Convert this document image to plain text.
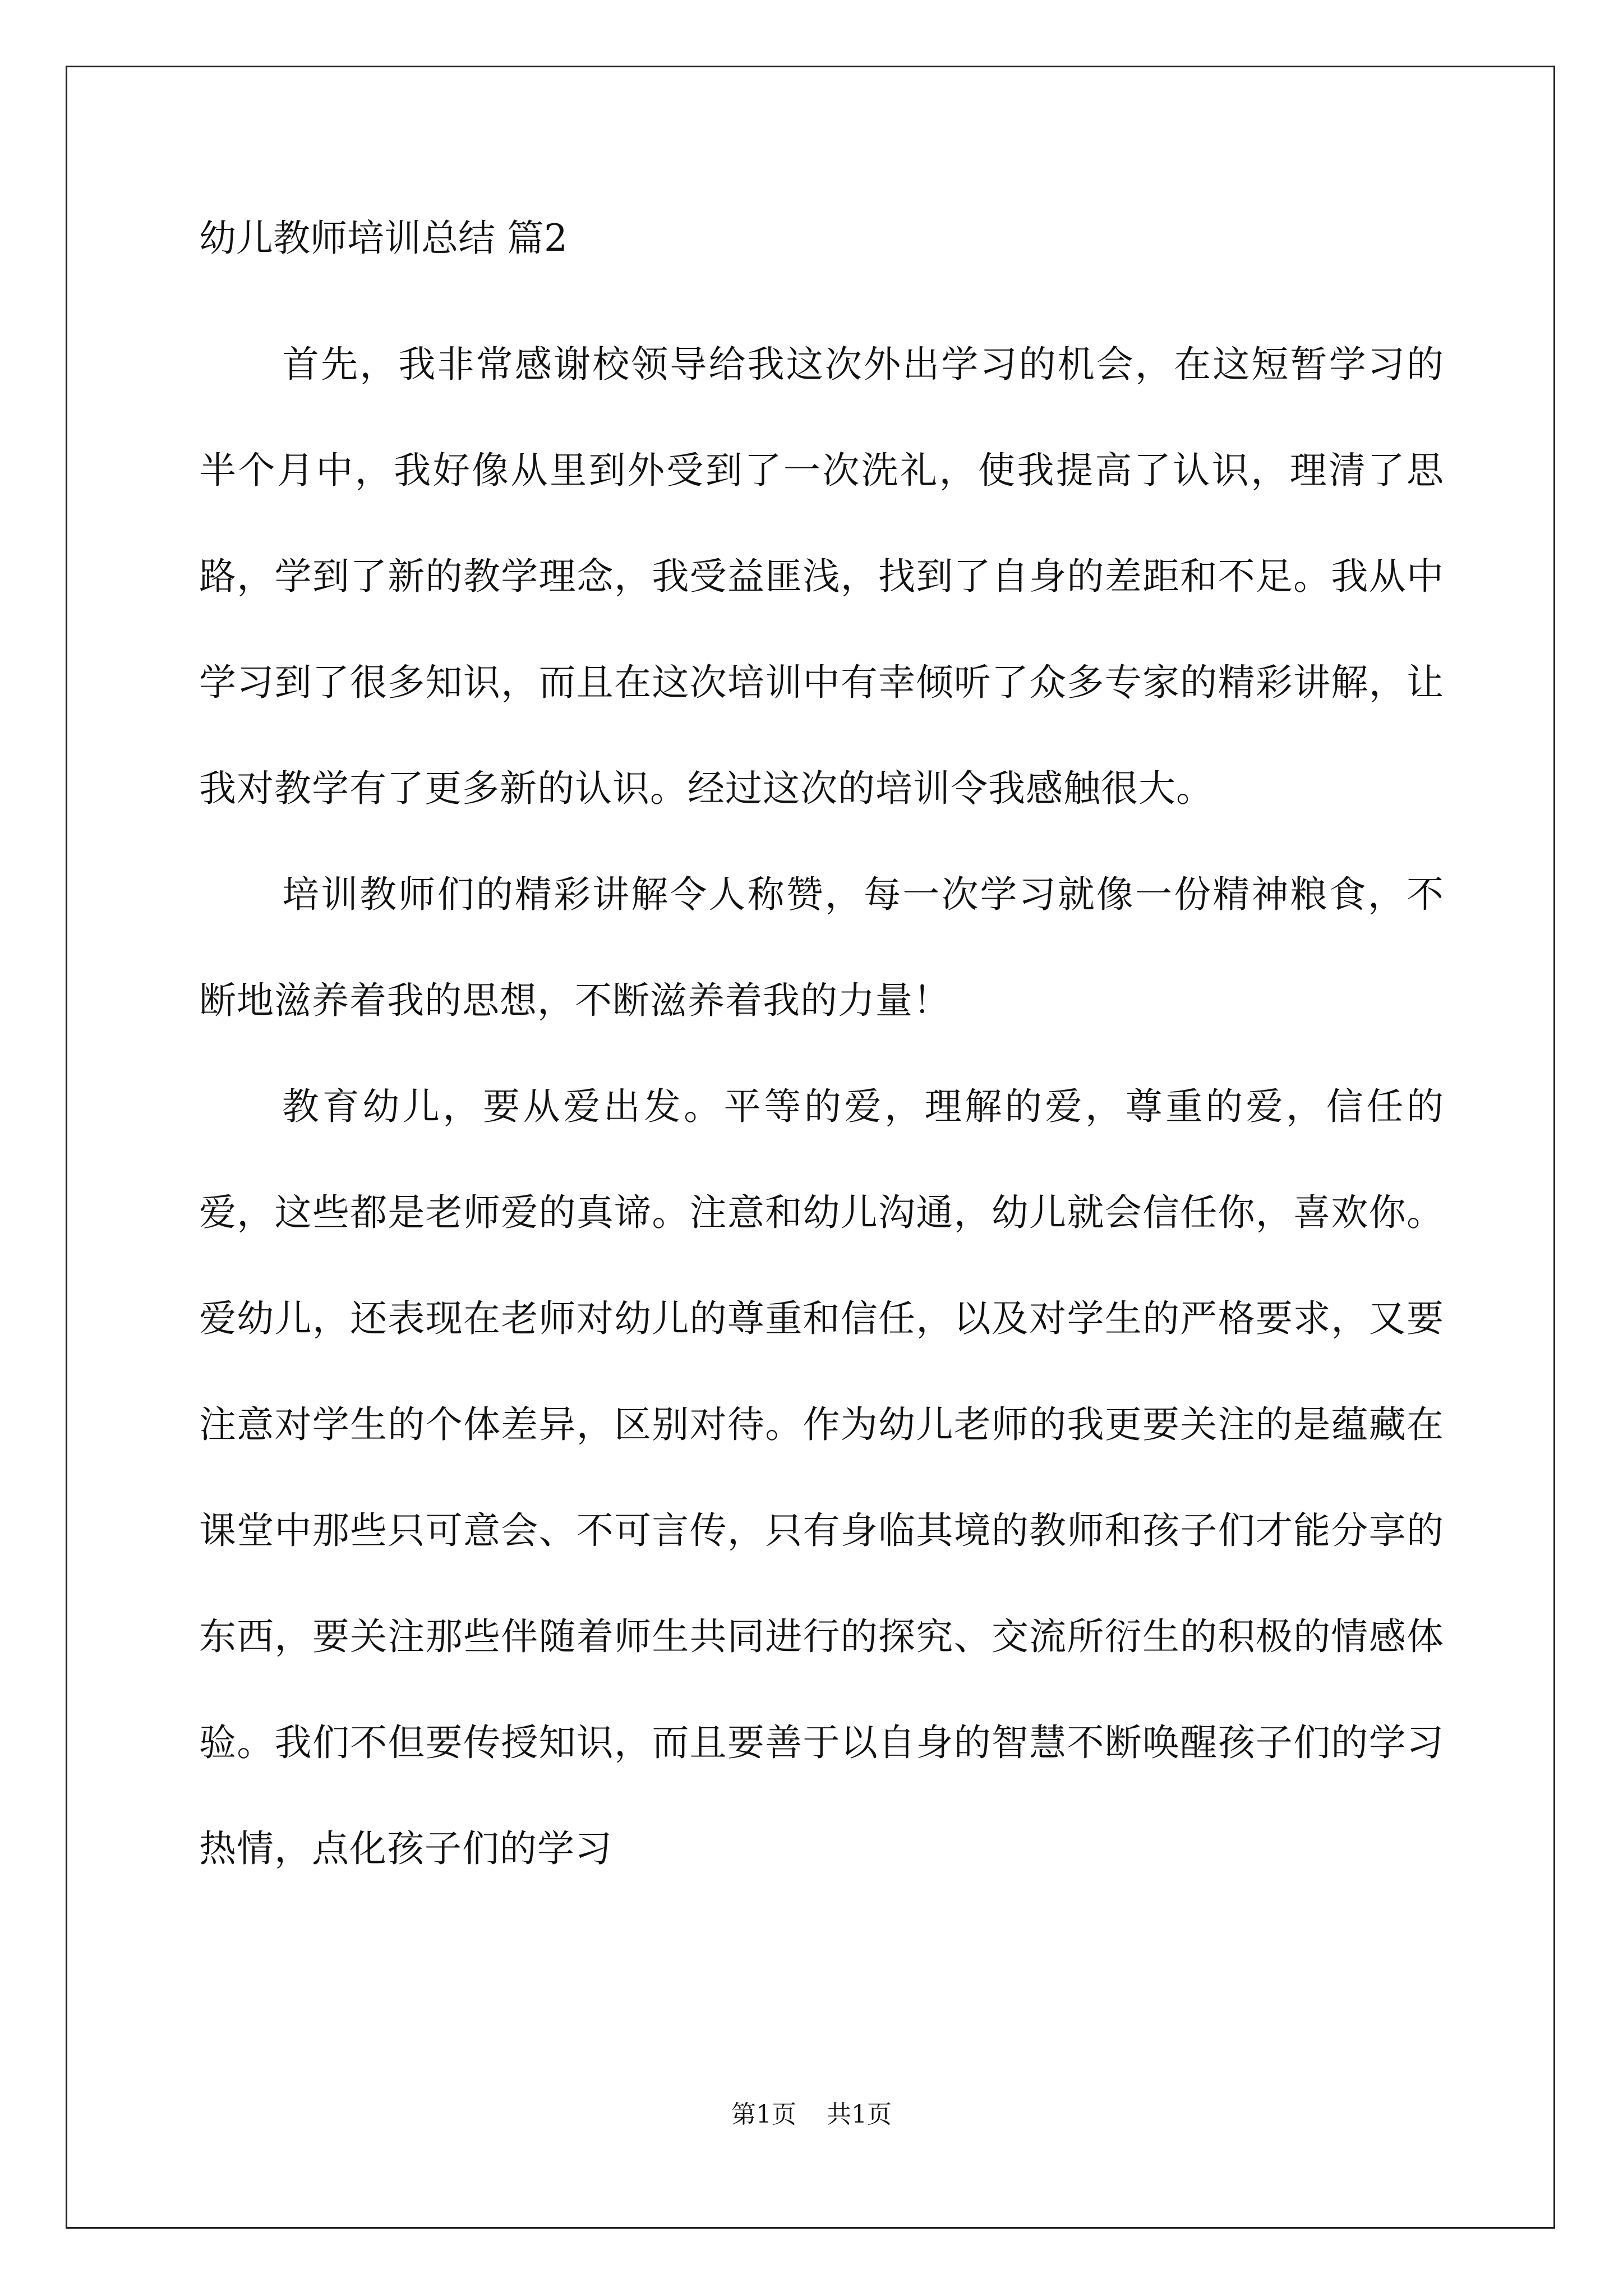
幼儿教师培训总结 篇2

首先，我非常感谢校领导给我这次外出学习的机会，在这短暂学习的半个月中，我好像从里到外受到了一次洗礼，使我提高了认识，理清了思路，学到了新的教学理念，我受益匪浅，找到了自身的差距和不足。我从中学习到了很多知识，而且在这次培训中有幸倾听了众多专家的精彩讲解，让我对教学有了更多新的认识。经过这次的培训令我感触很大。

培训教师们的精彩讲解令人称赞，每一次学习就像一份精神粮食，不断地滋养着我的思想，不断滋养着我的力量！

教育幼儿，要从爱出发。平等的爱，理解的爱，尊重的爱，信任的爱，这些都是老师爱的真谛。注意和幼儿沟通，幼儿就会信任你，喜欢你。爱幼儿，还表现在老师对幼儿的尊重和信任，以及对学生的严格要求，又要注意对学生的个体差异，区别对待。作为幼儿老师的我更要关注的是蕴藏在课堂中那些只可意会、不可言传，只有身临其境的教师和孩子们才能分享的东西，要关注那些伴随着师生共同进行的探究、交流所衍生的积极的情感体验。我们不但要传授知识，而且要善于以自身的智慧不断唤醒孩子们的学习热情，点化孩子们的学习

第1页 共1页
